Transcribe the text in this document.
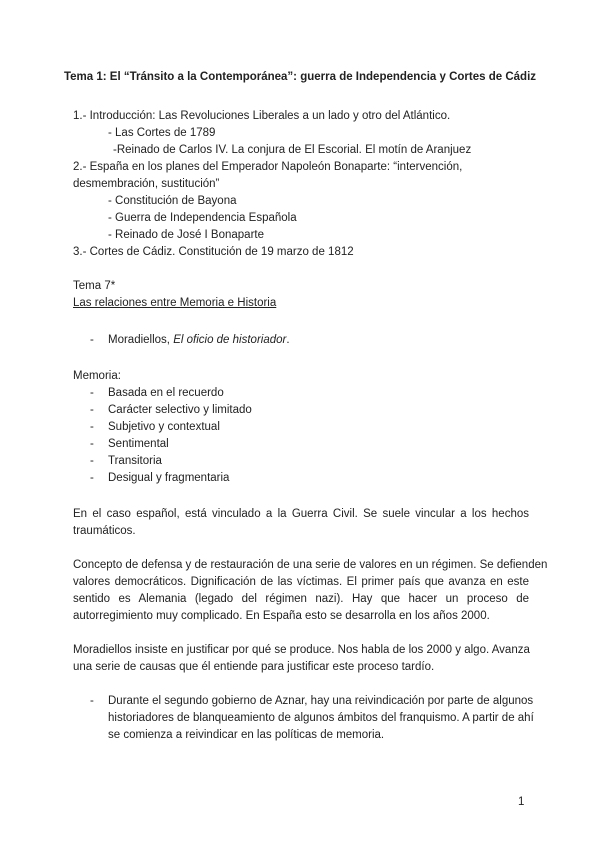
Tema 1: El “Tránsito a la Contemporánea”: guerra de Independencia y Cortes de Cádiz
1.- Introducción: Las Revoluciones Liberales a un lado y otro del Atlántico.
- Las Cortes de 1789
-Reinado de Carlos IV. La conjura de El Escorial. El motín de Aranjuez
2.- España en los planes del Emperador Napoleón Bonaparte: “intervención,
desmembración, sustitución”
- Constitución de Bayona
- Guerra de Independencia Española
- Reinado de José I Bonaparte
3.- Cortes de Cádiz. Constitución de 19 marzo de 1812
Tema 7*
Las relaciones entre Memoria e Historia
- Moradiellos, El oficio de historiador.
Memoria:
- Basada en el recuerdo
- Carácter selectivo y limitado
- Subjetivo y contextual
- Sentimental
- Transitoria
- Desigual y fragmentaria
En el caso español, está vinculado a la Guerra Civil. Se suele vincular a los hechos
traumáticos.
Concepto de defensa y de restauración de una serie de valores en un régimen. Se defienden
valores democráticos. Dignificación de las víctimas. El primer país que avanza en este
sentido es Alemania (legado del régimen nazi). Hay que hacer un proceso de
autorregimiento muy complicado. En España esto se desarrolla en los años 2000.
Moradiellos insiste en justificar por qué se produce. Nos habla de los 2000 y algo. Avanza
una serie de causas que él entiende para justificar este proceso tardío.
- Durante el segundo gobierno de Aznar, hay una reivindicación por parte de algunos
historiadores de blanqueamiento de algunos ámbitos del franquismo. A partir de ahí
se comienza a reivindicar en las políticas de memoria.
1
